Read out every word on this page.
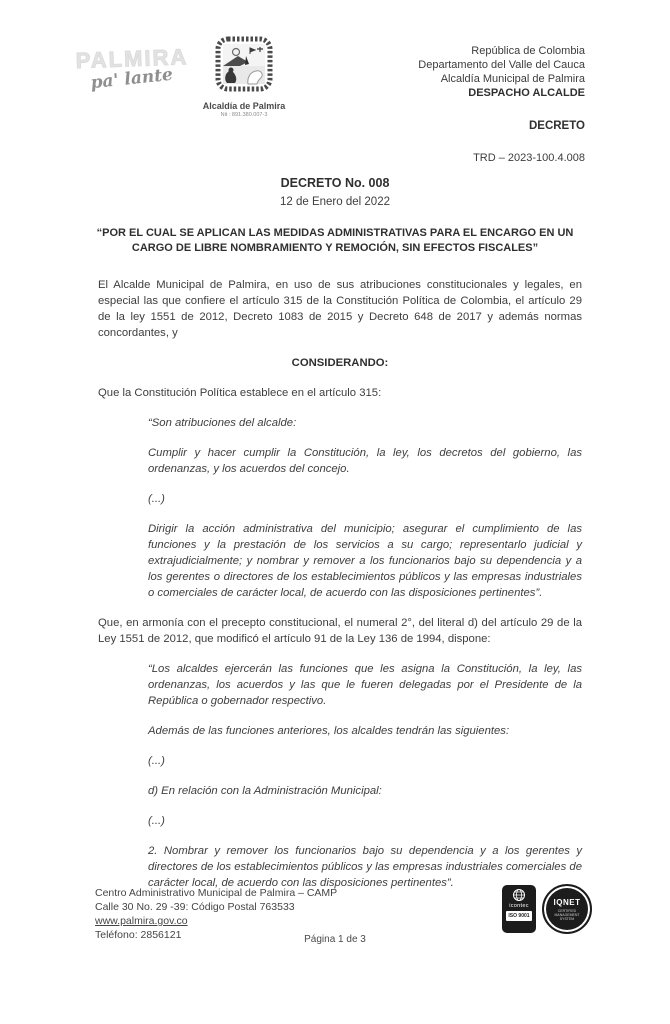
PALMIRA
pa' lante
Alcaldía de Palmira
Nit : 891.380.007-3
República de Colombia
Departamento del Valle del Cauca
Alcaldía Municipal de Palmira
DESPACHO ALCALDE
DECRETO
TRD – 2023-100.4.008
DECRETO No. 008
12 de Enero del 2022
“POR EL CUAL SE APLICAN LAS MEDIDAS ADMINISTRATIVAS PARA EL ENCARGO EN UN CARGO DE LIBRE NOMBRAMIENTO Y REMOCIÓN, SIN EFECTOS FISCALES”

El Alcalde Municipal de Palmira, en uso de sus atribuciones constitucionales y legales, en especial las que confiere el artículo 315 de la Constitución Política de Colombia, el artículo 29 de la ley 1551 de 2012, Decreto 1083 de 2015 y Decreto 648 de 2017 y además normas concordantes, y

CONSIDERANDO:

Que la Constitución Política establece en el artículo 315:

“Son atribuciones del alcalde:

Cumplir y hacer cumplir la Constitución, la ley, los decretos del gobierno, las ordenanzas, y los acuerdos del concejo.

(...)

Dirigir la acción administrativa del municipio; asegurar el cumplimiento de las funciones y la prestación de los servicios a su cargo; representarlo judicial y extrajudicialmente; y nombrar y remover a los funcionarios bajo su dependencia y a los gerentes o directores de los establecimientos públicos y las empresas industriales o comerciales de carácter local, de acuerdo con las disposiciones pertinentes”.

Que, en armonía con el precepto constitucional, el numeral 2°, del literal d) del artículo 29 de la Ley 1551 de 2012, que modificó el artículo 91 de la Ley 136 de 1994, dispone:

“Los alcaldes ejercerán las funciones que les asigna la Constitución, la ley, las ordenanzas, los acuerdos y las que le fueren delegadas por el Presidente de la República o gobernador respectivo.

Además de las funciones anteriores, los alcaldes tendrán las siguientes:

(...)

d) En relación con la Administración Municipal:

(...)

2. Nombrar y remover los funcionarios bajo su dependencia y a los gerentes y directores de los establecimientos públicos y las empresas industriales comerciales de carácter local, de acuerdo con las disposiciones pertinentes”.

Centro Administrativo Municipal de Palmira – CAMP
Calle 30 No. 29 -39: Código Postal 763533
www.palmira.gov.co
Teléfono: 2856121
icontec
ISO 9001
IQNET
CERTIFIED MANAGEMENT SYSTEM
Página 1 de 3
